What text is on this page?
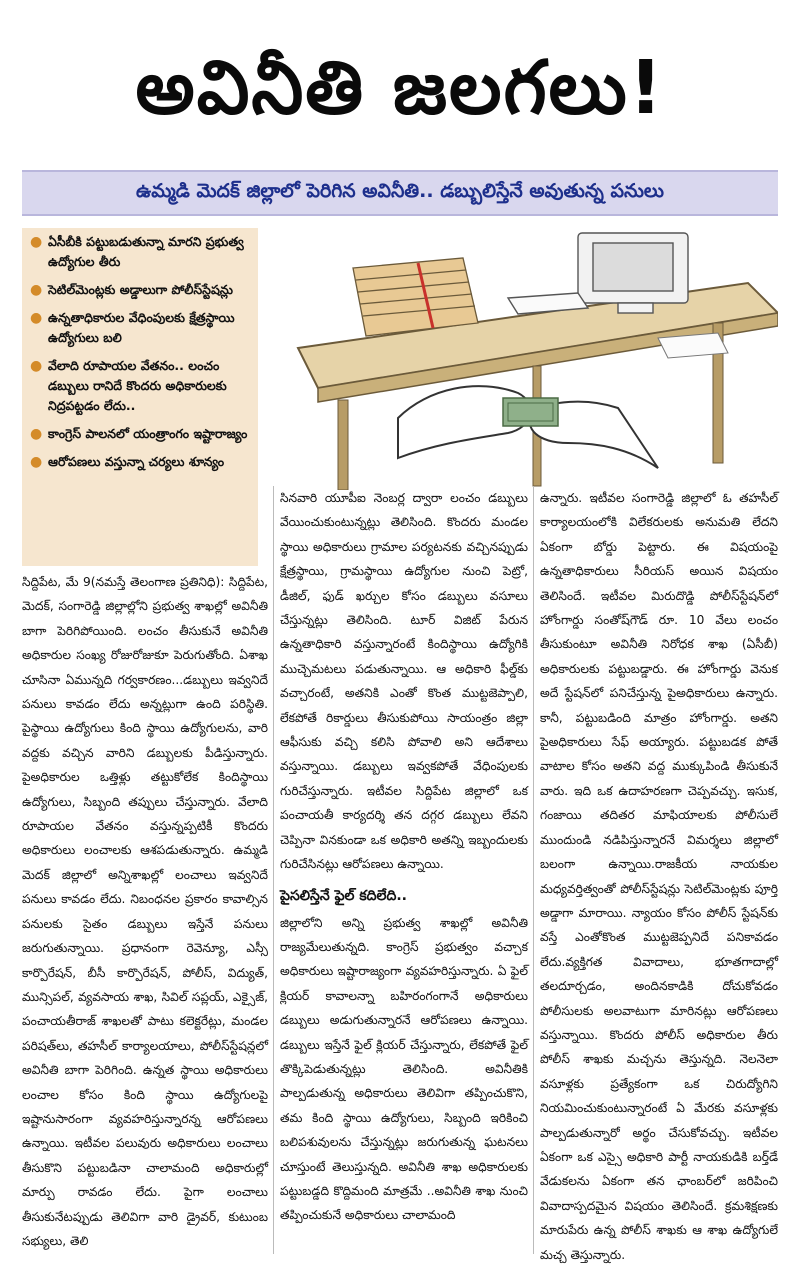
అవినీతి జలగలు!
ఉమ్మడి మెదక్ జిల్లాలో పెరిగిన అవినీతి.. డబ్బులిస్తేనే అవుతున్న పనులు
● ఏసీబీకి పట్టుబడుతున్నా మారని ప్రభుత్వ ఉద్యోగుల తీరు
● సెటిల్‌మెంట్లకు అడ్డాలుగా పోలీస్‌స్టేషన్లు
● ఉన్నతాధికారుల వేధింపులకు క్షేత్రస్థాయి ఉద్యోగులు బలి
● వేలాది రూపాయల వేతనం.. లంచం డబ్బులు రానిదే కొందరు అధికారులకు నిద్రపట్టడం లేదు..
● కాంగ్రెస్ పాలనలో యంత్రాంగం ఇష్టారాజ్యం
● ఆరోపణలు వస్తున్నా చర్యలు శూన్యం

సిద్దిపేట, మే 9(నమస్తే తెలంగాణ ప్రతినిధి): సిద్దిపేట, మెదక్, సంగారెడ్డి జిల్లాల్లోని ప్రభుత్వ శాఖల్లో అవినీతి బాగా పెరిగిపోయింది. లంచం తీసుకునే అవినీతి అధికారుల సంఖ్య రోజురోజుకూ పెరుగుతోంది. ఏశాఖ చూసినా ఏమున్నది గర్వకారణం...డబ్బులు ఇవ్వనిదే పనులు కావడం లేదు అన్నట్లుగా ఉంది పరిస్థితి. పైస్థాయి ఉద్యోగులు కింది స్థాయి ఉద్యోగులను, వారి వద్దకు వచ్చిన వారిని డబ్బులకు పీడిస్తున్నారు. పైఅధికారుల ఒత్తిళ్లు తట్టుకోలేక కిందిస్థాయి ఉద్యోగులు, సిబ్బంది తప్పులు చేస్తున్నారు. వేలాది రూపాయల వేతనం వస్తున్నప్పటికీ కొందరు అధికారులు లంచాలకు ఆశపడుతున్నారు. ఉమ్మడి మెదక్ జిల్లాలో అన్నిశాఖల్లో లంచాలు ఇవ్వనిదే పనులు కావడం లేదు. నిబంధనల ప్రకారం కావాల్సిన పనులకు సైతం డబ్బులు ఇస్తేనే పనులు జరుగుతున్నాయి. ప్రధానంగా రెవెన్యూ, ఎస్సీ కార్పొరేషన్, బీసీ కార్పొరేషన్, పోలీస్, విద్యుత్, మున్సిపల్, వ్యవసాయ శాఖ, సివిల్ సప్లయ్, ఎక్సైజ్, పంచాయతీరాజ్ శాఖలతో పాటు కలెక్టరేట్లు, మండల పరిషత్‌లు, తహసీల్ కార్యాలయాలు, పోలీస్‌స్టేషన్లలో అవినీతి బాగా పెరిగింది. ఉన్నత స్థాయి అధికారులు లంచాల కోసం కింది స్థాయి ఉద్యోగులపై ఇష్టానుసారంగా వ్యవహరిస్తున్నారన్న ఆరోపణలు ఉన్నాయి. ఇటీవల పలువురు అధికారులు లంచాలు తీసుకొని పట్టుబడినా చాలామంది అధికారుల్లో మార్పు రావడం లేదు. పైగా లంచాలు తీసుకునేటప్పుడు తెలివిగా వారి డ్రైవర్, కుటుంబ సభ్యులు, తెలి

సినవారి యూపీఐ నెంబర్ల ద్వారా లంచం డబ్బులు వేయించుకుంటున్నట్లు తెలిసింది. కొందరు మండల స్థాయి అధికారులు గ్రామాల పర్యటనకు వచ్చినప్పుడు క్షేత్రస్థాయి, గ్రామస్థాయి ఉద్యోగుల నుంచి పెట్రో, డీజిల్, ఫుడ్ ఖర్చుల కోసం డబ్బులు వసూలు చేస్తున్నట్లు తెలిసింది. టూర్ విజిట్ పేరున ఉన్నతాధికారి వస్తున్నారంటే కిందిస్థాయి ఉద్యోగికి ముచ్చెమటలు పడుతున్నాయి. ఆ అధికారి ఫీల్డ్‌కు వచ్చారంటే, అతనికి ఎంతో కొంత ముట్టజెప్పాలి, లేకపోతే రికార్డులు తీసుకుపోయి సాయంత్రం జిల్లా ఆఫీసుకు వచ్చి కలిసి పోవాలి అని ఆదేశాలు వస్తున్నాయి. డబ్బులు ఇవ్వకపోతే వేధింపులకు గురిచేస్తున్నారు. ఇటీవల సిద్దిపేట జిల్లాలో ఒక పంచాయతీ కార్యదర్శి తన దగ్గర డబ్బులు లేవని చెప్పినా వినకుండా ఒక అధికారి అతన్ని ఇబ్బందులకు గురిచేసినట్లు ఆరోపణలు ఉన్నాయి.

పైసలిస్తేనే ఫైల్ కదిలేది..

జిల్లాలోని అన్ని ప్రభుత్వ శాఖల్లో అవినీతి రాజ్యమేలుతున్నది. కాంగ్రెస్ ప్రభుత్వం వచ్చాక అధికారులు ఇష్టారాజ్యంగా వ్యవహరిస్తున్నారు. ఏ ఫైల్ క్లియర్ కావాలన్నా బహిరంగంగానే అధికారులు డబ్బులు అడుగుతున్నారనే ఆరోపణలు ఉన్నాయి. డబ్బులు ఇస్తేనే ఫైల్ క్లియర్ చేస్తున్నారు, లేకపోతే ఫైల్ తొక్కిపెడుతున్నట్లు తెలిసింది. అవినీతికి పాల్పడుతున్న అధికారులు తెలివిగా తప్పించుకొని, తమ కింది స్థాయి ఉద్యోగులు, సిబ్బంది ఇరికించి బలిపశువులను చేస్తున్నట్లు జరుగుతున్న ఘటనలు చూస్తుంటే తెలుస్తున్నది. అవినీతి శాఖ అధికారులకు పట్టుబడ్డది కొద్దిమంది మాత్రమే ..అవినీతి శాఖ నుంచి తప్పించుకునే అధికారులు చాలామంది

ఉన్నారు. ఇటీవల సంగారెడ్డి జిల్లాలో ఓ తహసీల్ కార్యాలయంలోకి విలేకరులకు అనుమతి లేదని ఏకంగా బోర్డు పెట్టారు. ఈ విషయంపై ఉన్నతాధికారులు సీరియస్ అయిన విషయం తెలిసిందే. ఇటీవల మిరుదొడ్డి పోలీస్‌స్టేషన్‌లో హోంగార్డు సంతోష్‌గౌడ్ రూ. 10 వేలు లంచం తీసుకుంటూ అవినీతి నిరోధక శాఖ (ఏసీబీ) అధికారులకు పట్టుబడ్డారు. ఈ హోంగార్డు వెనుక అదే స్టేషన్‌లో పనిచేస్తున్న పైఅధికారులు ఉన్నారు. కానీ, పట్టుబడింది మాత్రం హోంగార్డు. అతని పైఅధికారులు సేఫ్ అయ్యారు. పట్టుబడక పోతే వాటాల కోసం అతని వద్ద ముక్కుపిండి తీసుకునే వారు. ఇది ఒక ఉదాహరణగా చెప్పవచ్చు. ఇసుక, గంజాయి తదితర మాఫియాలకు పోలీసులే ముందుండి నడిపిస్తున్నారనే విమర్శలు జిల్లాలో బలంగా ఉన్నాయి.రాజకీయ నాయకుల మధ్యవర్తిత్వంతో పోలీస్‌స్టేషన్లు సెటిల్‌మెంట్లకు పూర్తి అడ్డాగా మారాయి. న్యాయం కోసం పోలీస్ స్టేషన్‌కు వస్తే ఎంతోకొంత ముట్టజెప్పనిదే పనికావడం లేదు.వ్యక్తిగత వివాదాలు, భూతగాదాల్లో తలదూర్చడం, అందినకాడికి దోచుకోవడం పోలీసులకు అలవాటుగా మారినట్లు ఆరోపణలు వస్తున్నాయి. కొందరు పోలీస్ అధికారుల తీరు పోలీస్ శాఖకు మచ్చను తెస్తున్నది. నెలనెలా వసూళ్లకు ప్రత్యేకంగా ఒక చిరుద్యోగిని నియమించుకుంటున్నారంటే ఏ మేరకు వసూళ్లకు పాల్పడుతున్నారో అర్థం చేసుకోవచ్చు. ఇటీవల ఏకంగా ఒక ఎస్సై అధికారి పార్టీ నాయకుడికి బర్త్‌డే వేడుకలను ఏకంగా తన ఛాంబర్‌లో జరిపించి వివాదాస్పదమైన విషయం తెలిసిందే. క్రమశిక్షణకు మారుపేరు ఉన్న పోలీస్ శాఖకు ఆ శాఖ ఉద్యోగులే మచ్చ తెస్తున్నారు.
